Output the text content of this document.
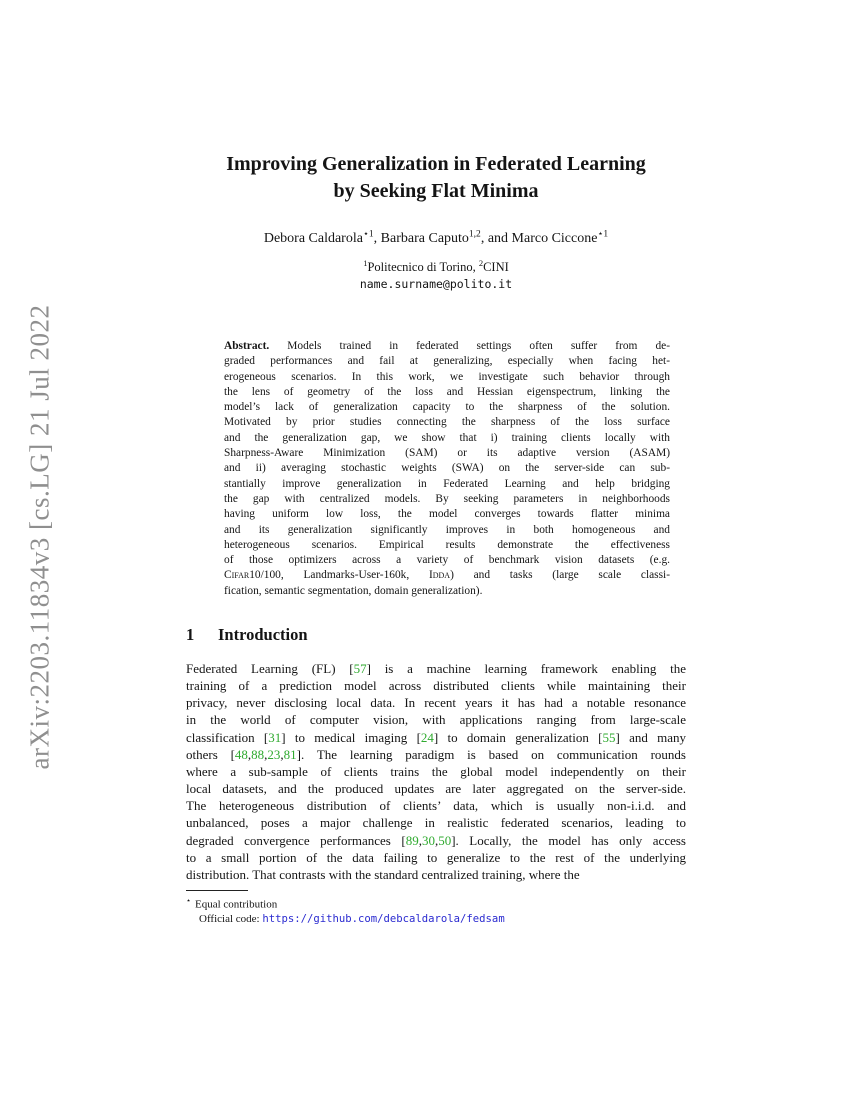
arXiv:2203.11834v3 [cs.LG] 21 Jul 2022
Improving Generalization in Federated Learning
by Seeking Flat Minima
Debora Caldarola$^{⋆1}$, Barbara Caputo$^{1,2}$, and Marco Ciccone$^{⋆1}$
$^1$Politecnico di Torino, $^2$CINI
name.surname@polito.it
Abstract. Models trained in federated settings often suffer from de-
graded performances and fail at generalizing, especially when facing het-
erogeneous scenarios. In this work, we investigate such behavior through
the lens of geometry of the loss and Hessian eigenspectrum, linking the
model’s lack of generalization capacity to the sharpness of the solution.
Motivated by prior studies connecting the sharpness of the loss surface
and the generalization gap, we show that i) training clients locally with
Sharpness-Aware Minimization (SAM) or its adaptive version (ASAM)
and ii) averaging stochastic weights (SWA) on the server-side can sub-
stantially improve generalization in Federated Learning and help bridging
the gap with centralized models. By seeking parameters in neighborhoods
having uniform low loss, the model converges towards flatter minima
and its generalization significantly improves in both homogeneous and
heterogeneous scenarios. Empirical results demonstrate the effectiveness
of those optimizers across a variety of benchmark vision datasets (e.g.
Cifar10/100, Landmarks-User-160k, Idda) and tasks (large scale classi-
fication, semantic segmentation, domain generalization).
1 Introduction
Federated Learning (FL) [57] is a machine learning framework enabling the
training of a prediction model across distributed clients while maintaining their
privacy, never disclosing local data. In recent years it has had a notable resonance
in the world of computer vision, with applications ranging from large-scale
classification [31] to medical imaging [24] to domain generalization [55] and many
others [48,88,23,81]. The learning paradigm is based on communication rounds
where a sub-sample of clients trains the global model independently on their
local datasets, and the produced updates are later aggregated on the server-side.
The heterogeneous distribution of clients’ data, which is usually non-i.i.d. and
unbalanced, poses a major challenge in realistic federated scenarios, leading to
degraded convergence performances [89,30,50]. Locally, the model has only access
to a small portion of the data failing to generalize to the rest of the underlying
distribution. That contrasts with the standard centralized training, where the
⋆ Equal contribution
Official code: https://github.com/debcaldarola/fedsam
